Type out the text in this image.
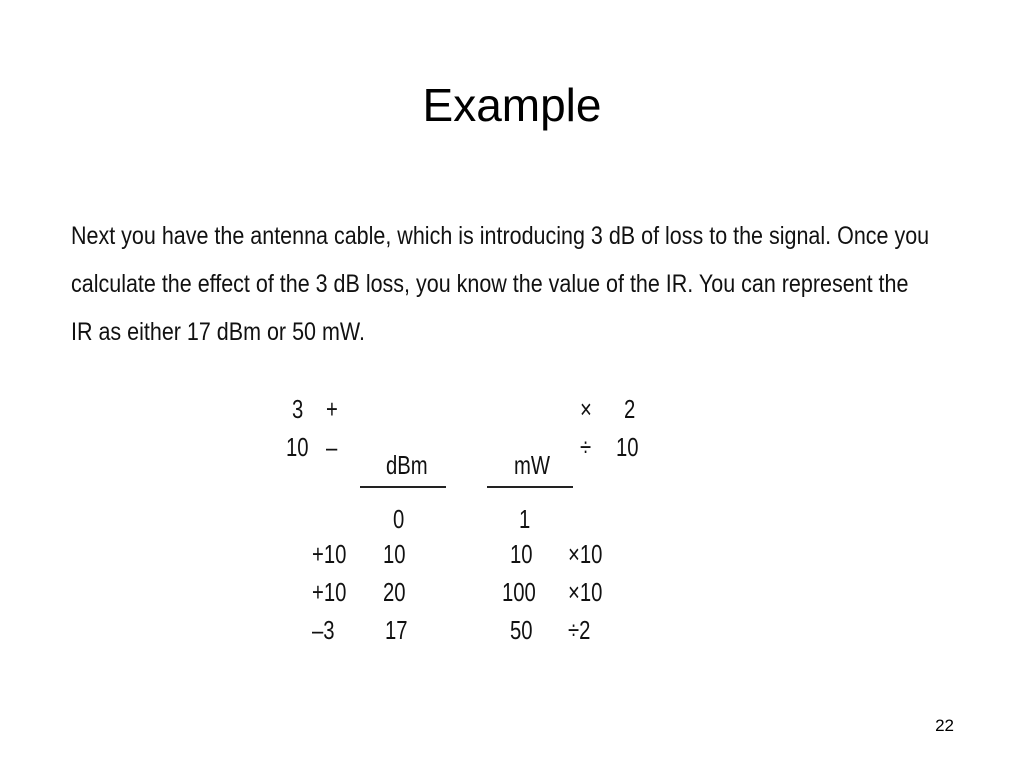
Example
Next you have the antenna cable, which is introducing 3 dB of loss to the signal. Once you
calculate the effect of the 3 dB loss, you know the value of the IR. You can represent the
IR as either 17 dBm or 50 mW.
3 +
10 –
× 2
÷ 10
dBm	mW
0	1
+10 10	10 ×10
+10 20	100 ×10
–3 17	50 ÷2
22
